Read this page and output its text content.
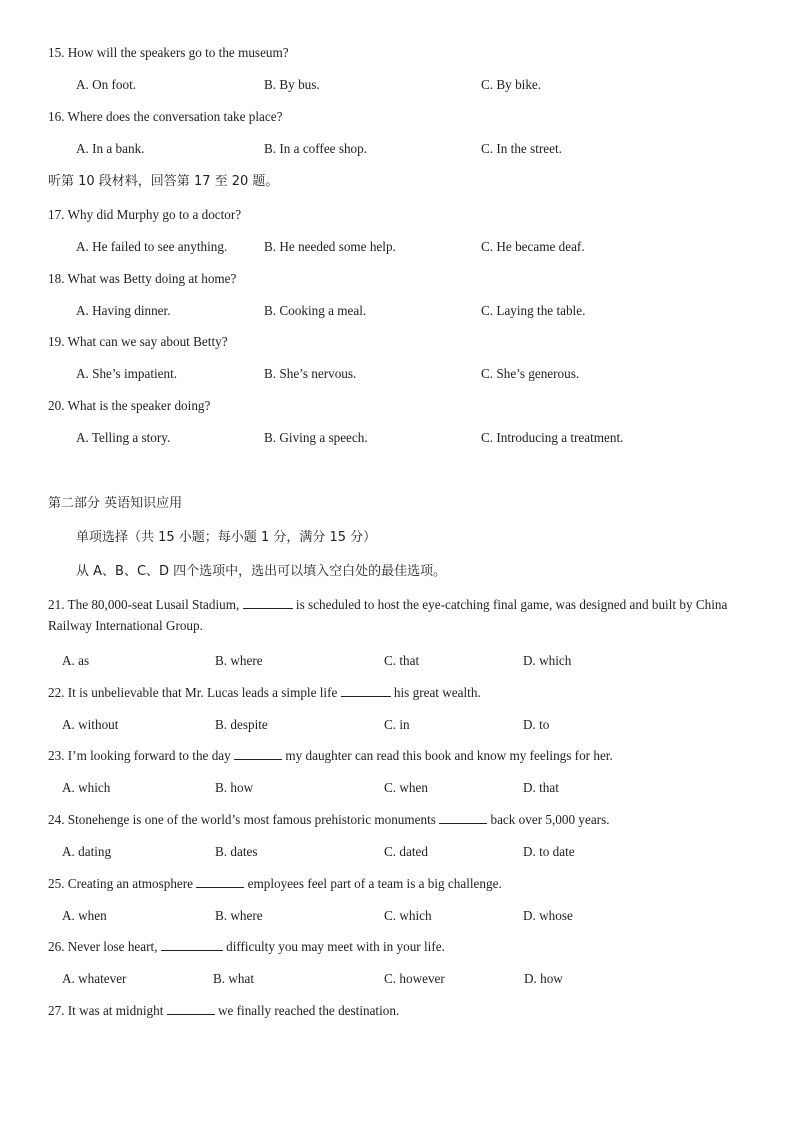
15. How will the speakers go to the museum?
A. On foot.	B. By bus.	C. By bike.
16. Where does the conversation take place?
A. In a bank.	B. In a coffee shop.	C. In the street.
听第 10 段材料，回答第 17 至 20 题。
17. Why did Murphy go to a doctor?
A. He failed to see anything.	B. He needed some help.	C. He became deaf.
18. What was Betty doing at home?
A. Having dinner.	B. Cooking a meal.	C. Laying the table.
19. What can we say about Betty?
A. She’s impatient.	B. She’s nervous.	C. She’s generous.
20. What is the speaker doing?
A. Telling a story.	B. Giving a speech.	C. Introducing a treatment.
第二部分 英语知识应用
单项选择（共 15 小题；每小题 1 分，满分 15 分）
从 A、B、C、D 四个选项中，选出可以填入空白处的最佳选项。
21. The 80,000-seat Lusail Stadium,	is scheduled to host the eye-catching final game, was designed and built by China Railway International Group.
A. as	B. where	C. that	D. which
22. It is unbelievable that Mr. Lucas leads a simple life	his great wealth.
A. without	B. despite	C. in	D. to
23. I’m looking forward to the day	my daughter can read this book and know my feelings for her.
A. which	B. how	C. when	D. that
24. Stonehenge is one of the world’s most famous prehistoric monuments	back over 5,000 years.
A. dating	B. dates	C. dated	D. to date
25. Creating an atmosphere	employees feel part of a team is a big challenge.
A. when	B. where	C. which	D. whose
26. Never lose heart,	difficulty you may meet with in your life.
A. whatever	B. what	C. however	D. how
27. It was at midnight	we finally reached the destination.
